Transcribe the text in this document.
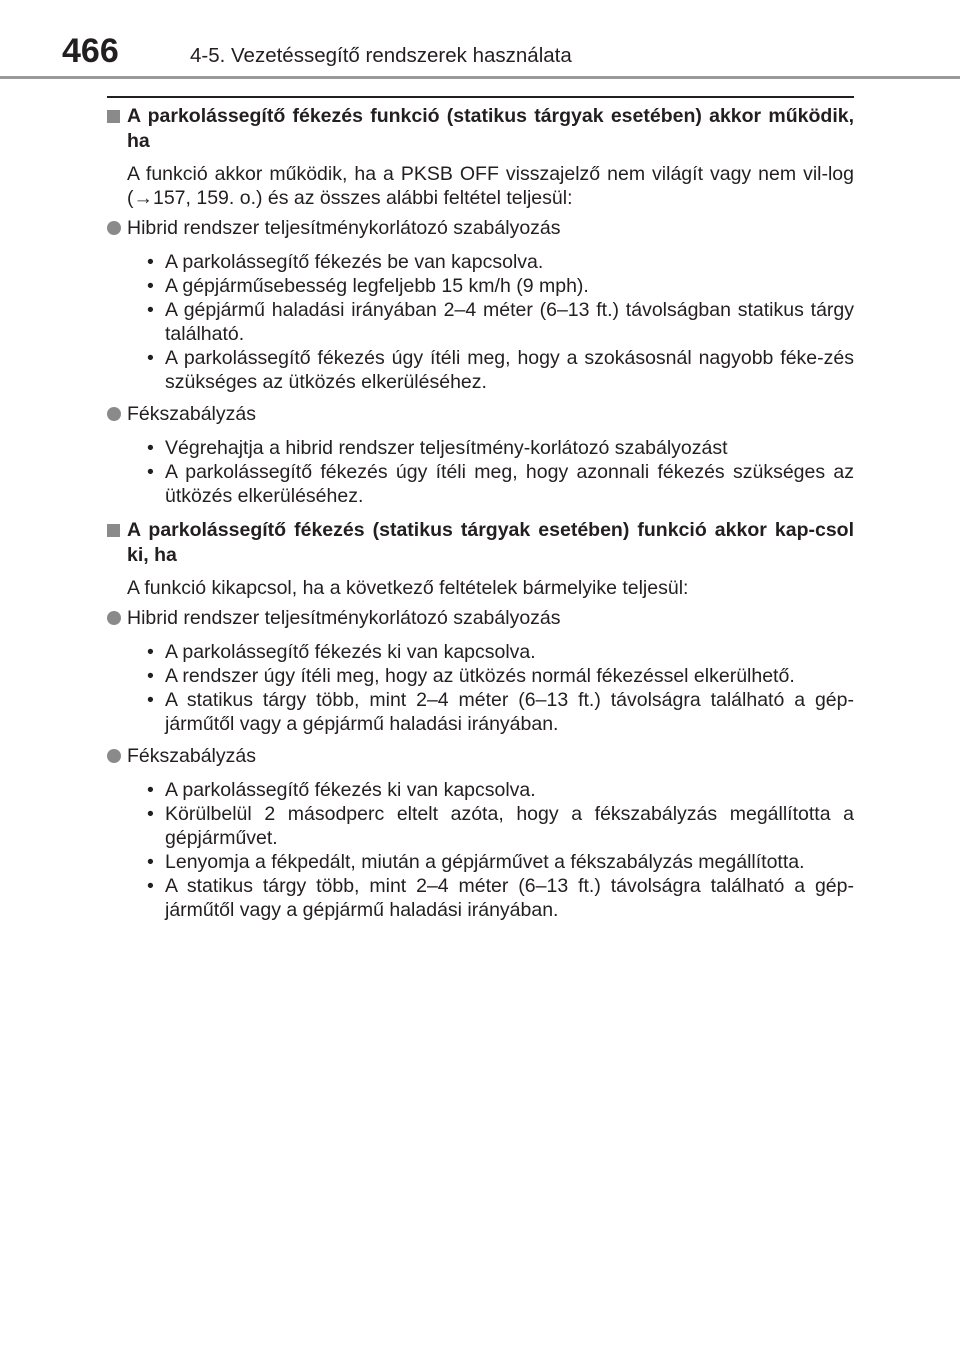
466	4-5. Vezetéssegítő rendszerek használata

A parkolássegítő fékezés funkció (statikus tárgyak esetében) akkor működik, ha

A funkció akkor működik, ha a PKSB OFF visszajelző nem világít vagy nem vil-log (→157, 159. o.) és az összes alábbi feltétel teljesül:
Hibrid rendszer teljesítménykorlátozó szabályozás
• A parkolássegítő fékezés be van kapcsolva.
• A gépjárműsebesség legfeljebb 15 km/h (9 mph).
• A gépjármű haladási irányában 2–4 méter (6–13 ft.) távolságban statikus tárgy található.
• A parkolássegítő fékezés úgy ítéli meg, hogy a szokásosnál nagyobb féke-zés szükséges az ütközés elkerüléséhez.
Fékszabályzás
• Végrehajtja a hibrid rendszer teljesítmény-korlátozó szabályozást
• A parkolássegítő fékezés úgy ítéli meg, hogy azonnali fékezés szükséges az ütközés elkerüléséhez.

A parkolássegítő fékezés (statikus tárgyak esetében) funkció akkor kap-csol ki, ha

A funkció kikapcsol, ha a következő feltételek bármelyike teljesül:
Hibrid rendszer teljesítménykorlátozó szabályozás
• A parkolássegítő fékezés ki van kapcsolva.
• A rendszer úgy ítéli meg, hogy az ütközés normál fékezéssel elkerülhető.
• A statikus tárgy több, mint 2–4 méter (6–13 ft.) távolságra található a gép-járműtől vagy a gépjármű haladási irányában.
Fékszabályzás
• A parkolássegítő fékezés ki van kapcsolva.
• Körülbelül 2 másodperc eltelt azóta, hogy a fékszabályzás megállította a gépjárművet.
• Lenyomja a fékpedált, miután a gépjárművet a fékszabályzás megállította.
• A statikus tárgy több, mint 2–4 méter (6–13 ft.) távolságra található a gép-járműtől vagy a gépjármű haladási irányában.
